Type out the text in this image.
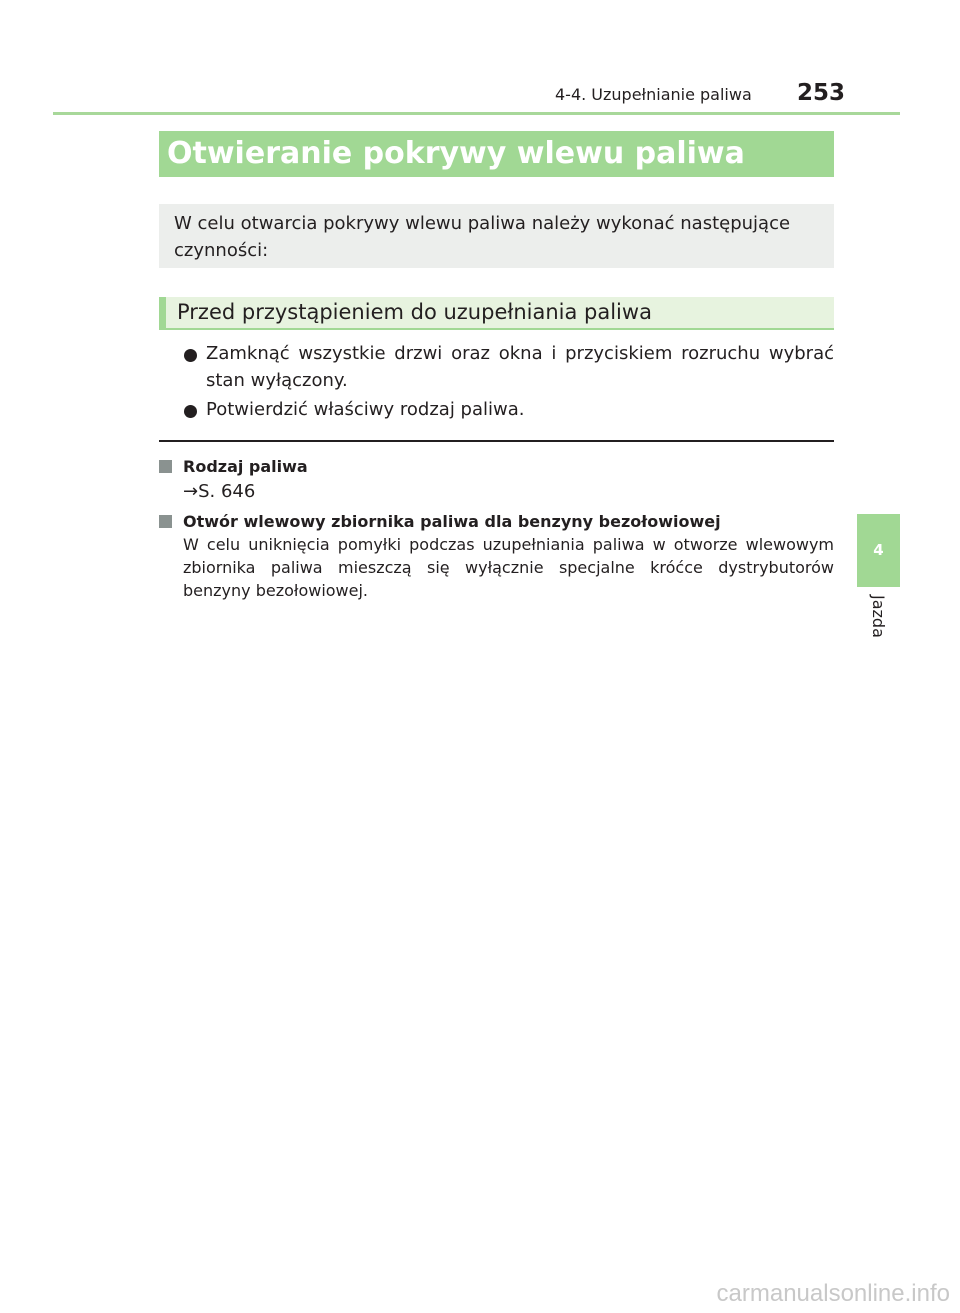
4-4. Uzupełnianie paliwa 253
Otwieranie pokrywy wlewu paliwa
W celu otwarcia pokrywy wlewu paliwa należy wykonać następujące czynności:
Przed przystąpieniem do uzupełniania paliwa
Zamknąć wszystkie drzwi oraz okna i przyciskiem rozruchu wybrać stan wyłączony.
Potwierdzić właściwy rodzaj paliwa.
Rodzaj paliwa
→S. 646
Otwór wlewowy zbiornika paliwa dla benzyny bezołowiowej
W celu uniknięcia pomyłki podczas uzupełniania paliwa w otworze wlewowym zbiornika paliwa mieszczą się wyłącznie specjalne króćce dystrybutorów benzyny bezołowiowej.
4
Jazda
carmanualsonline.info
